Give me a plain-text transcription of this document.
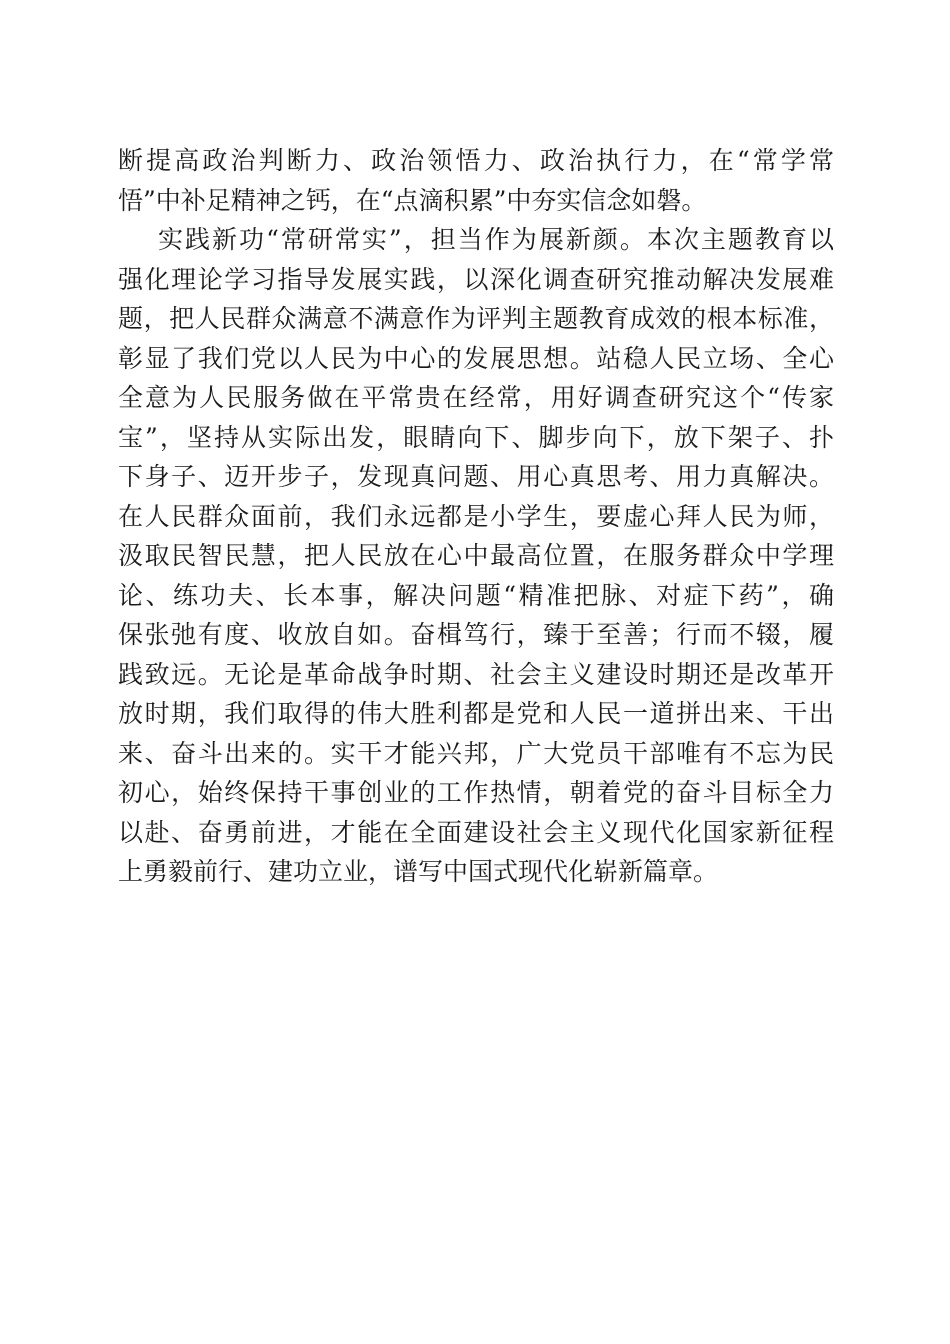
断提高政治判断力、政治领悟力、政治执行力，在“常学常
悟”中补足精神之钙，在“点滴积累”中夯实信念如磐。
实践新功“常研常实”，担当作为展新颜。本次主题教育以
强化理论学习指导发展实践，以深化调查研究推动解决发展难
题，把人民群众满意不满意作为评判主题教育成效的根本标准，
彰显了我们党以人民为中心的发展思想。站稳人民立场、全心
全意为人民服务做在平常贵在经常，用好调查研究这个“传家
宝”，坚持从实际出发，眼睛向下、脚步向下，放下架子、扑
下身子、迈开步子，发现真问题、用心真思考、用力真解决。
在人民群众面前，我们永远都是小学生，要虚心拜人民为师，
汲取民智民慧，把人民放在心中最高位置，在服务群众中学理
论、练功夫、长本事，解决问题“精准把脉、对症下药”，确
保张弛有度、收放自如。奋楫笃行，臻于至善；行而不辍，履
践致远。无论是革命战争时期、社会主义建设时期还是改革开
放时期，我们取得的伟大胜利都是党和人民一道拼出来、干出
来、奋斗出来的。实干才能兴邦，广大党员干部唯有不忘为民
初心，始终保持干事创业的工作热情，朝着党的奋斗目标全力
以赴、奋勇前进，才能在全面建设社会主义现代化国家新征程
上勇毅前行、建功立业，谱写中国式现代化崭新篇章。
